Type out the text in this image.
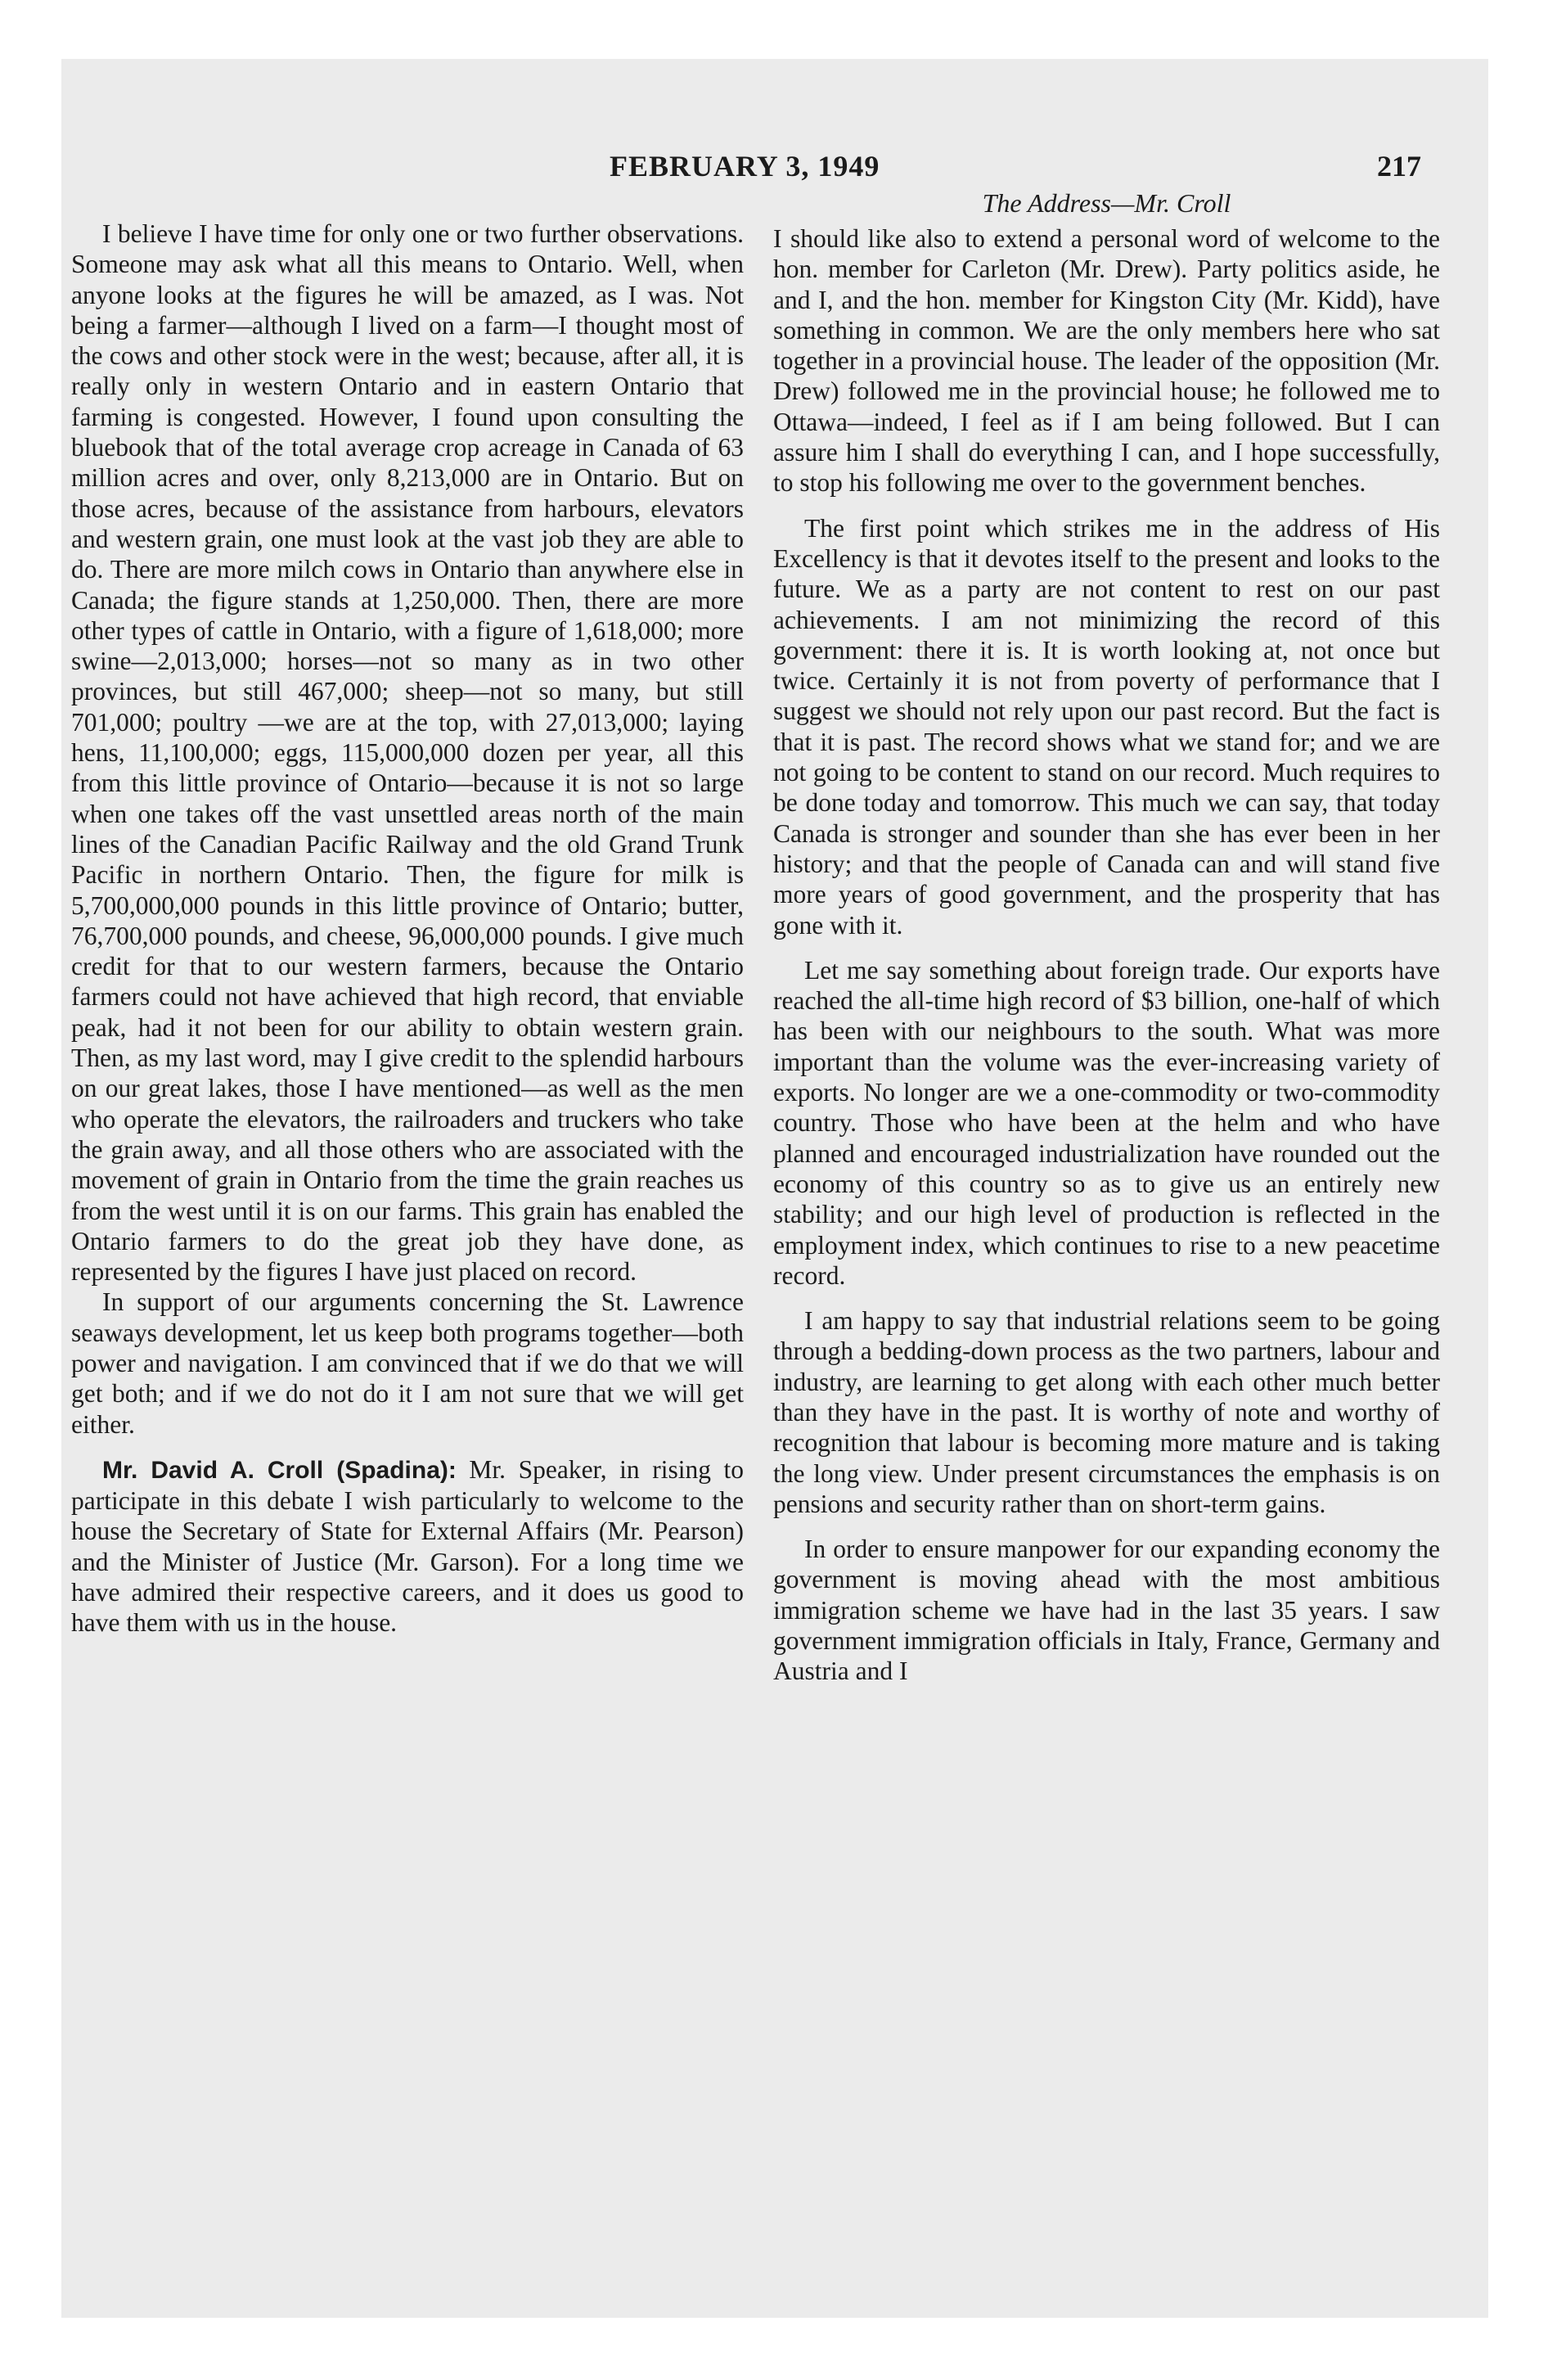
FEBRUARY 3, 1949	217

I believe I have time for only one or two further observations. Someone may ask what all this means to Ontario. Well, when anyone looks at the figures he will be amazed, as I was. Not being a farmer—although I lived on a farm—I thought most of the cows and other stock were in the west; because, after all, it is really only in western Ontario and in eastern Ontario that farming is congested. However, I found upon consulting the bluebook that of the total average crop acreage in Canada of 63 million acres and over, only 8,213,000 are in Ontario. But on those acres, because of the assistance from harbours, elevators and western grain, one must look at the vast job they are able to do. There are more milch cows in Ontario than anywhere else in Canada; the figure stands at 1,250,000. Then, there are more other types of cattle in Ontario, with a figure of 1,618,000; more swine—2,013,000; horses—not so many as in two other provinces, but still 467,000; sheep—not so many, but still 701,000; poultry —we are at the top, with 27,013,000; laying hens, 11,100,000; eggs, 115,000,000 dozen per year, all this from this little province of Ontario—because it is not so large when one takes off the vast unsettled areas north of the main lines of the Canadian Pacific Railway and the old Grand Trunk Pacific in northern Ontario. Then, the figure for milk is 5,700,000,000 pounds in this little province of Ontario; butter, 76,700,000 pounds, and cheese, 96,000,000 pounds. I give much credit for that to our western farmers, because the Ontario farmers could not have achieved that high record, that enviable peak, had it not been for our ability to obtain western grain. Then, as my last word, may I give credit to the splendid harbours on our great lakes, those I have mentioned—as well as the men who operate the elevators, the railroaders and truckers who take the grain away, and all those others who are associated with the movement of grain in Ontario from the time the grain reaches us from the west until it is on our farms. This grain has enabled the Ontario farmers to do the great job they have done, as represented by the figures I have just placed on record.

In support of our arguments concerning the St. Lawrence seaways development, let us keep both programs together—both power and navigation. I am convinced that if we do that we will get both; and if we do not do it I am not sure that we will get either.

Mr. David A. Croll (Spadina): Mr. Speaker, in rising to participate in this debate I wish particularly to welcome to the house the Secretary of State for External Affairs (Mr. Pearson) and the Minister of Justice (Mr. Garson). For a long time we have admired their respective careers, and it does us good to have them with us in the house.

The Address—Mr. Croll

I should like also to extend a personal word of welcome to the hon. member for Carleton (Mr. Drew). Party politics aside, he and I, and the hon. member for Kingston City (Mr. Kidd), have something in common. We are the only members here who sat together in a provincial house. The leader of the opposition (Mr. Drew) followed me in the provincial house; he followed me to Ottawa—indeed, I feel as if I am being followed. But I can assure him I shall do everything I can, and I hope successfully, to stop his following me over to the government benches.

The first point which strikes me in the address of His Excellency is that it devotes itself to the present and looks to the future. We as a party are not content to rest on our past achievements. I am not minimizing the record of this government: there it is. It is worth looking at, not once but twice. Certainly it is not from poverty of performance that I suggest we should not rely upon our past record. But the fact is that it is past. The record shows what we stand for; and we are not going to be content to stand on our record. Much requires to be done today and tomorrow. This much we can say, that today Canada is stronger and sounder than she has ever been in her history; and that the people of Canada can and will stand five more years of good government, and the prosperity that has gone with it.

Let me say something about foreign trade. Our exports have reached the all-time high record of $3 billion, one-half of which has been with our neighbours to the south. What was more important than the volume was the ever-increasing variety of exports. No longer are we a one-commodity or two-commodity country. Those who have been at the helm and who have planned and encouraged industrialization have rounded out the economy of this country so as to give us an entirely new stability; and our high level of production is reflected in the employment index, which continues to rise to a new peacetime record.

I am happy to say that industrial relations seem to be going through a bedding-down process as the two partners, labour and industry, are learning to get along with each other much better than they have in the past. It is worthy of note and worthy of recognition that labour is becoming more mature and is taking the long view. Under present circumstances the emphasis is on pensions and security rather than on short-term gains.

In order to ensure manpower for our expanding economy the government is moving ahead with the most ambitious immigration scheme we have had in the last 35 years. I saw government immigration officials in Italy, France, Germany and Austria and I
